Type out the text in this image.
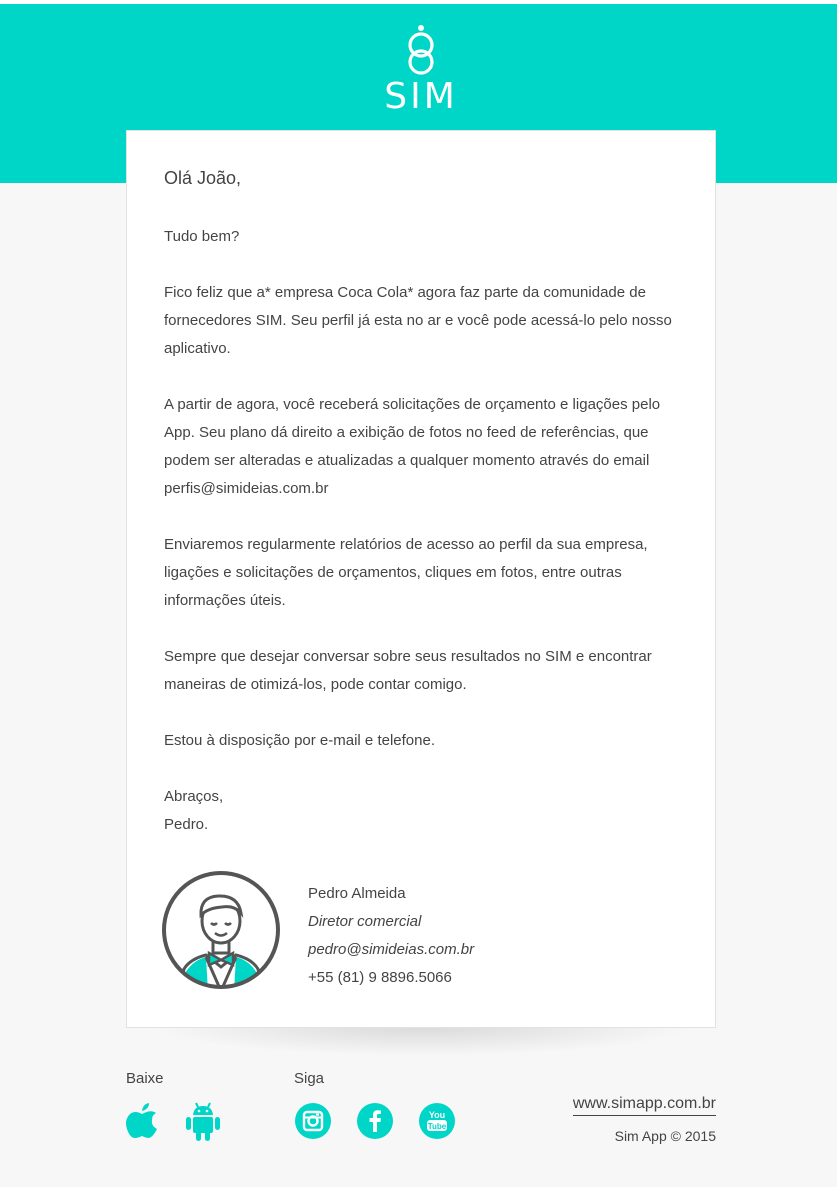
SIM
Olá João,
Tudo bem?
Fico feliz que a* empresa Coca Cola* agora faz parte da comunidade de
fornecedores SIM. Seu perfil já esta no ar e você pode acessá-lo pelo nosso
aplicativo.
A partir de agora, você receberá solicitações de orçamento e ligações pelo
App. Seu plano dá direito a exibição de fotos no feed de referências, que
podem ser alteradas e atualizadas a qualquer momento através do email
perfis@simideias.com.br
Enviaremos regularmente relatórios de acesso ao perfil da sua empresa,
ligações e solicitações de orçamentos, cliques em fotos, entre outras
informações úteis.
Sempre que desejar conversar sobre seus resultados no SIM e encontrar
maneiras de otimizá-los, pode contar comigo.
Estou à disposição por e-mail e telefone.
Abraços,
Pedro.
Pedro Almeida
Diretor comercial
pedro@simideias.com.br
+55 (81) 9 8896.5066
Baixe	Siga
You
Tube
www.simapp.com.br
Sim App © 2015
